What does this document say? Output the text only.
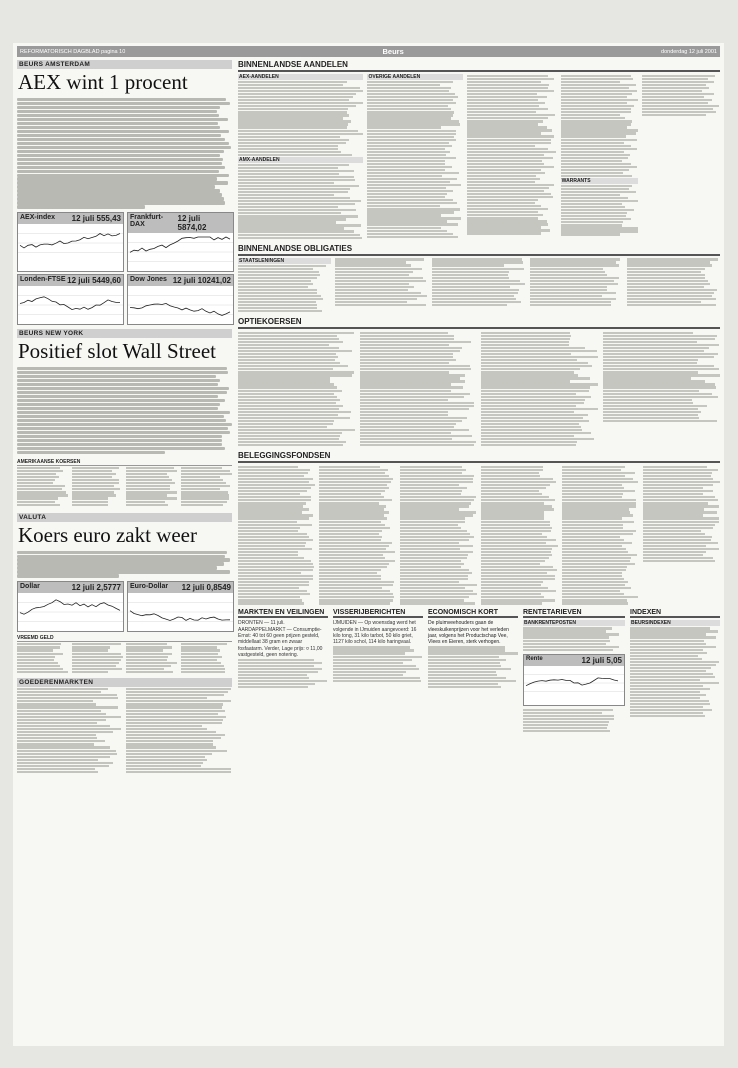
REFORMATORISCH DAGBLAD pagina 10	Beurs	donderdag 12 juli 2001
BEURS AMSTERDAM
AEX wint 1 procent
AEX-index 12 juli 555,43 Frankfurt-DAX
12 juli 5874,02
Londen-FTSE 12 juli 5449,60 Dow Jones 12 juli 10241,02
BEURS NEW YORK
Positief slot Wall Street
AMERIKAANSE KOERSEN
VALUTA
Koers euro zakt weer
Dollar	12 juli 2,5777 Euro-Dollar 12 juli 0,8549
VREEMD GELD
GOEDERENMARKTEN
BINNENLANDSE AANDELEN
AEX-AANDELEN
AMX-AANDELEN
OVERIGE AANDELEN
WARRANTS
BINNENLANDSE OBLIGATIES
STAATSLENINGEN
OPTIEKOERSEN
BELEGGINGSFONDSEN
MARKTEN EN VEILINGEN
DRONTEN — 11 juli. AARDAPPELMARKT — Consumptie-Ernst: 40 tot 60 geen prijzen gesteld, middellaat 38 gram en zwaar fosfaatarm. Verder, Lage prijs: ¤ 11,00 vastgesteld, geen notering.
VISSERIJBERICHTEN
IJMUIDEN — Op woensdag werd het volgende in IJmuiden aangevoerd: 16 kilo tong, 31 kilo tarbot, 50 kilo griet, 1127 kilo schol, 114 kilo haringvaal.
ECONOMISCH KORT
De pluimveehouders gaan de vleeskuikenprijzen voor het verleden jaar, volgens het Productschap Vee, Vlees en Eieren, sterk verhogen.
RENTETARIEVEN
BANKRENTEPOSTEN
Rente	12 juli 5,05
INDEXEN
BEURSINDEXEN
